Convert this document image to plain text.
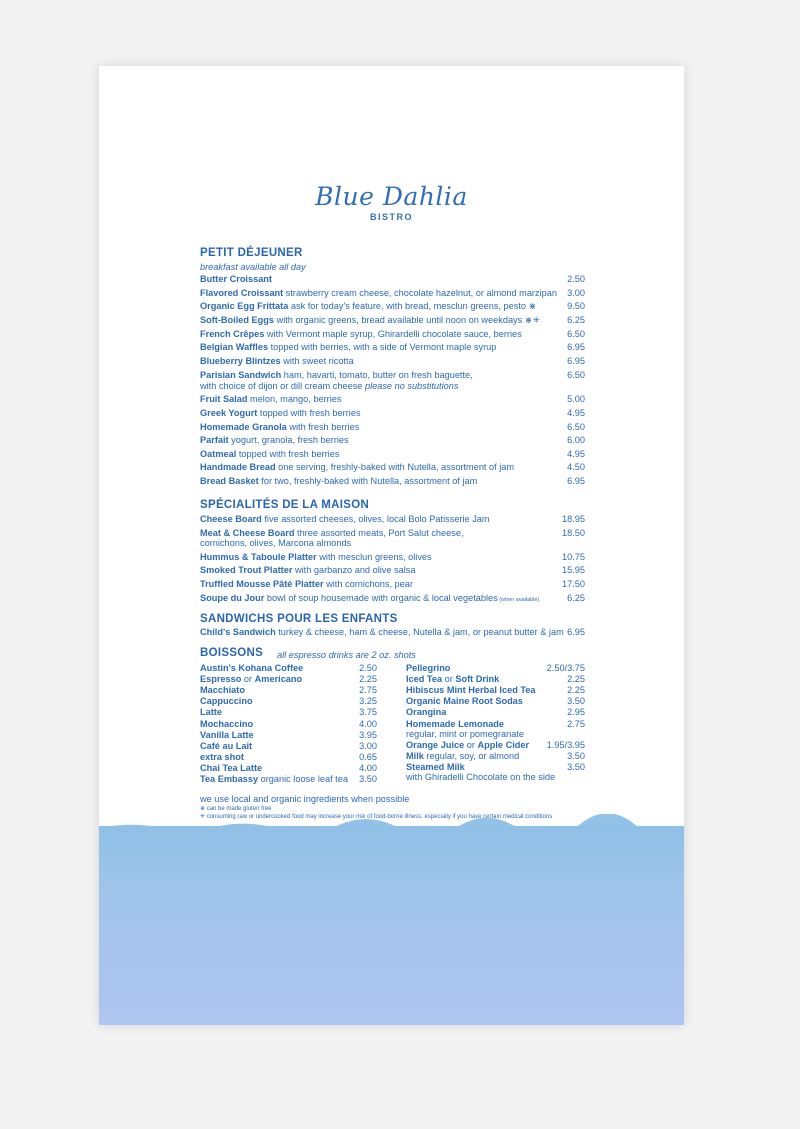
Blue Dahlia
BISTRO
PETIT DÉJEUNER
breakfast available all day
Butter Croissant	2.50
Flavored Croissant strawberry cream cheese, chocolate hazelnut, or almond marzipan	3.00
Organic Egg Frittata ask for today's feature, with bread, mesclun greens, pesto ⋇	9.50
Soft-Boiled Eggs with organic greens, bread available until noon on weekdays ⋇✳	6.25
French Crêpes with Vermont maple syrup, Ghirardelli chocolate sauce, berries	6.50
Belgian Waffles topped with berries, with a side of Vermont maple syrup	6.95
Blueberry Blintzes with sweet ricotta	6.95
Parisian Sandwich ham, havarti, tomato, butter on fresh baguette,	6.50
with choice of dijon or dill cream cheese please no substitutions
Fruit Salad melon, mango, berries	5.00
Greek Yogurt topped with fresh berries	4.95
Homemade Granola with fresh berries	6.50
Parfait yogurt, granola, fresh berries	6.00
Oatmeal topped with fresh berries	4.95
Handmade Bread one serving, freshly-baked with Nutella, assortment of jam	4.50
Bread Basket for two, freshly-baked with Nutella, assortment of jam	6.95
SPÉCIALITÉS DE LA MAISON
Cheese Board five assorted cheeses, olives, local Bolo Patisserie Jam	18.95
Meat & Cheese Board three assorted meats, Port Salut cheese,	18.50
cornichons, olives, Marcona almonds
Hummus & Taboule Platter with mesclun greens, olives	10.75
Smoked Trout Platter with garbanzo and olive salsa	15.95
Truffled Mousse Pâté Platter with cornichons, pear	17.50
Soupe du Jour bowl of soup housemade with organic & local vegetables (when available)	6.25
SANDWICHS POUR LES ENFANTS
Child's Sandwich turkey & cheese, ham & cheese, Nutella & jam, or peanut butter & jam 6.95
BOISSONS all espresso drinks are 2 oz. shots
Austin's Kohana Coffee	2.50
Espresso or Americano	2.25
Macchiato	2.75
Cappuccino	3.25
Latte	3.75
Mochaccino	4.00
Vanilla Latte	3.95
Café au Lait	3.00
extra shot	0.65
Chai Tea Latte	4.00
Tea Embassy organic loose leaf tea	3.50
Pellegrino	2.50/3.75
Iced Tea or Soft Drink	2.25
Hibiscus Mint Herbal Iced Tea	2.25
Organic Maine Root Sodas	3.50
Orangina	2.95
Homemade Lemonade	2.75
regular, mint or pomegranate
Orange Juice or Apple Cider	1.95/3.95
Milk regular, soy, or almond	3.50
Steamed Milk	3.50
with Ghiradelli Chocolate on the side
we use local and organic ingredients when possible
⋇ can be made gluten free
✳ consuming raw or undercooked food may increase your risk of food-borne illness, especially if you have certain medical conditions
